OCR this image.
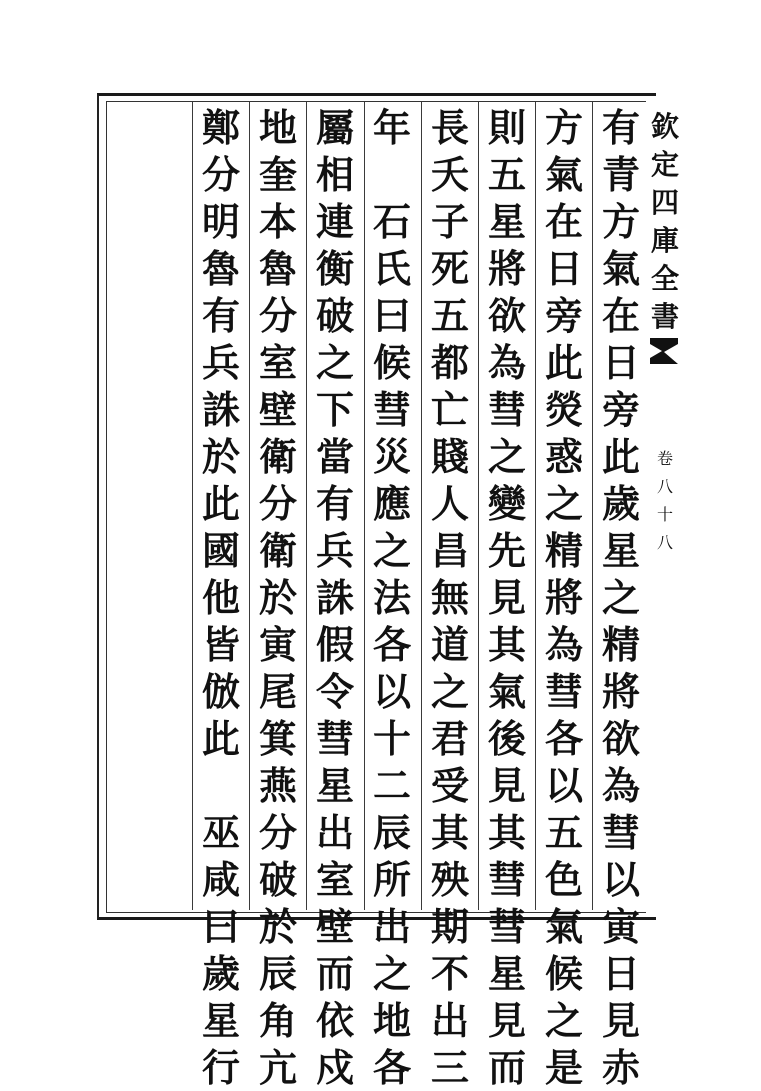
有
青
方
氣
在
日
旁
此
歲
星
之
精
將
欲
為
彗
以
寅
日
見
赤
方
氣
在
日
旁
此
熒
惑
之
精
將
為
彗
各
以
五
色
氣
候
之
是
則
五
星
將
欲
為
彗
之
變
先
見
其
氣
後
見
其
彗
彗
星
見
而
長
夭
子
死
五
都
亡
賤
人
昌
無
道
之
君
受
其
殃
期
不
出
三
年

石
氏
曰
候
彗
災
應
之
法
各
以
十
二
辰
所
出
之
地
各
屬
相
連
衡
破
之
下
當
有
兵
誅
假
令
彗
星
出
室
壁
而
依
戍
地
奎
本
魯
分
室
壁
衛
分
衛
於
寅
尾
箕
燕
分
破
於
辰
角
亢
鄭
分
明
魯
有
兵
誅
於
此
國
他
皆
倣
此

巫
咸
曰
歲
星
行
欽
定
四
庫
全
書
卷
八
十
八
